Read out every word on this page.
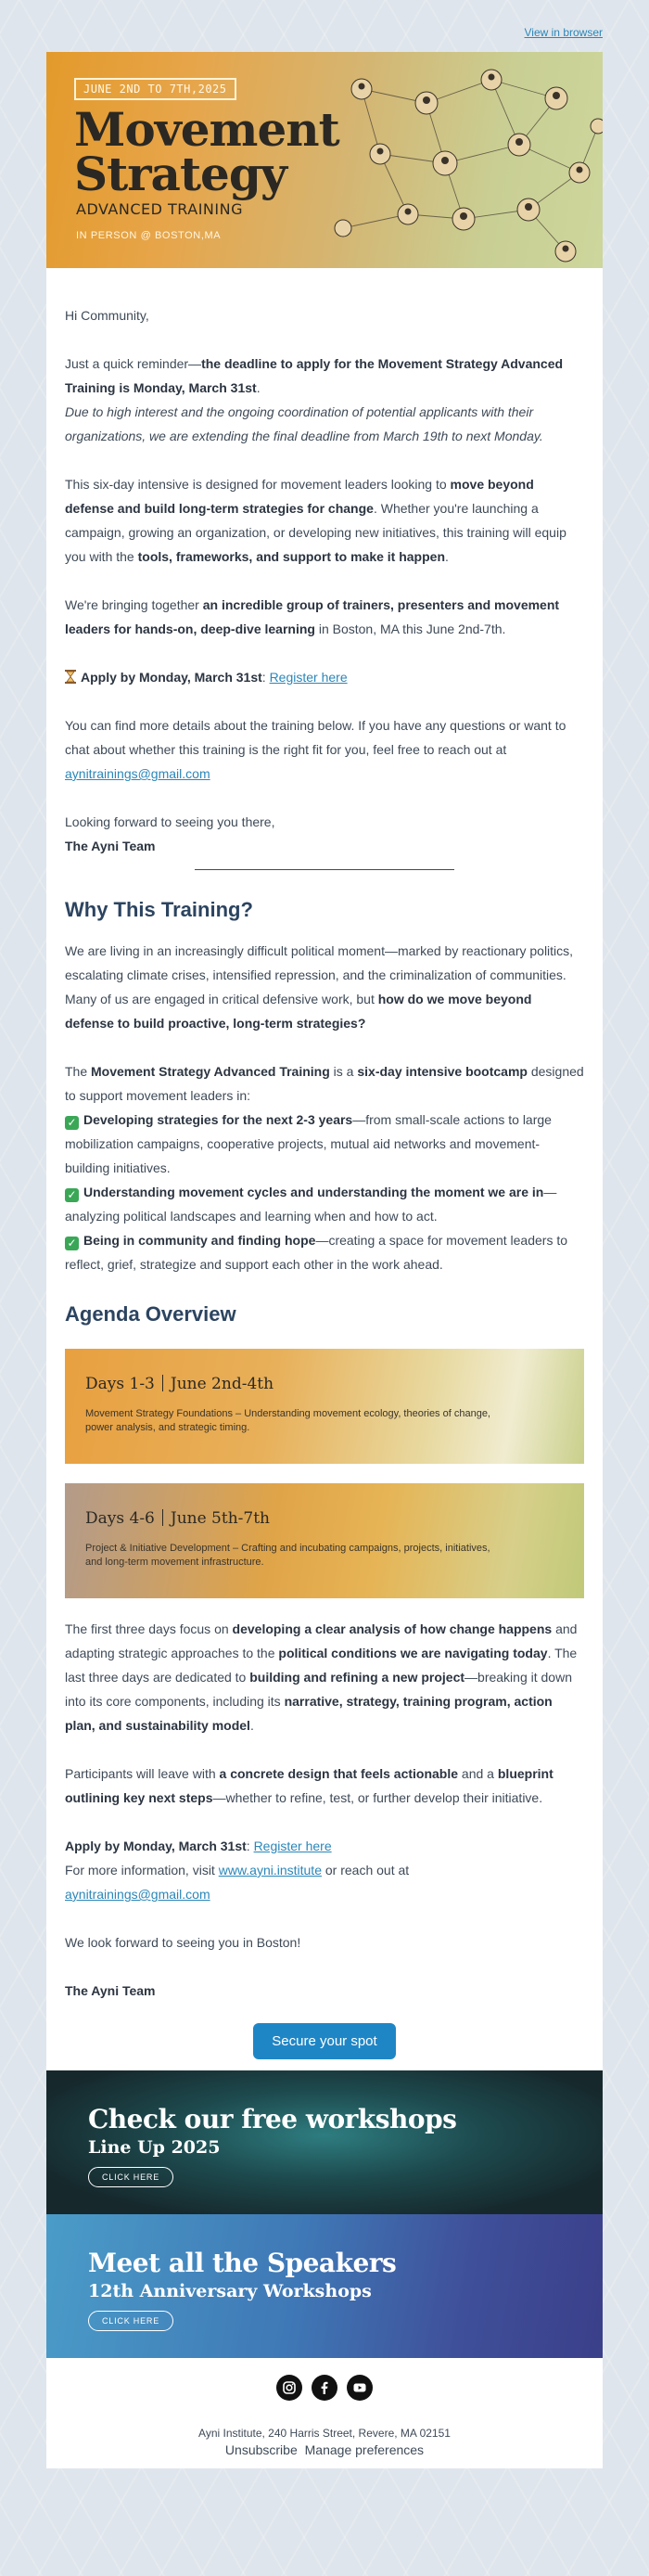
View in browser
JUNE 2ND TO 7TH,2025
Movement
Strategy
ADVANCED TRAINING
IN PERSON @ BOSTON,MA

Hi Community,

Just a quick reminder—the deadline to apply for the Movement Strategy Advanced Training is Monday, March 31st.

Due to high interest and the ongoing coordination of potential applicants with their organizations, we are extending the final deadline from March 19th to next Monday.

This six-day intensive is designed for movement leaders looking to move beyond defense and build long-term strategies for change. Whether you're launching a campaign, growing an organization, or developing new initiatives, this training will equip you with the tools, frameworks, and support to make it happen.

We're bringing together an incredible group of trainers, presenters and movement leaders for hands-on, deep-dive learning in Boston, MA this June 2nd-7th.

Apply by Monday, March 31st: Register here

You can find more details about the training below. If you have any questions or want to chat about whether this training is the right fit for you, feel free to reach out at aynitrainings@gmail.com

Looking forward to seeing you there,

The Ayni Team

Why This Training?

We are living in an increasingly difficult political moment—marked by reactionary politics, escalating climate crises, intensified repression, and the criminalization of communities. Many of us are engaged in critical defensive work, but how do we move beyond defense to build proactive, long-term strategies?

The Movement Strategy Advanced Training is a six-day intensive bootcamp designed to support movement leaders in:

✓ Developing strategies for the next 2-3 years—from small-scale actions to large mobilization campaigns, cooperative projects, mutual aid networks and movement-building initiatives.

✓ Understanding movement cycles and understanding the moment we are in—analyzing political landscapes and learning when and how to act.

✓ Being in community and finding hope—creating a space for movement leaders to reflect, grief, strategize and support each other in the work ahead.

Agenda Overview
Days 1-3 June 2nd-4th
Movement Strategy Foundations – Understanding movement ecology, theories of change, power analysis, and strategic timing.
Days 4-6 June 5th-7th
Project & Initiative Development – Crafting and incubating campaigns, projects, initiatives, and long-term movement infrastructure.

The first three days focus on developing a clear analysis of how change happens and adapting strategic approaches to the political conditions we are navigating today. The last three days are dedicated to building and refining a new project—breaking it down into its core components, including its narrative, strategy, training program, action plan, and sustainability model.

Participants will leave with a concrete design that feels actionable and a blueprint outlining key next steps—whether to refine, test, or further develop their initiative.

Apply by Monday, March 31st: Register here

For more information, visit www.ayni.institute or reach out at

aynitrainings@gmail.com

We look forward to seeing you in Boston!

The Ayni Team

Secure your spot
Check our free workshops
Line Up 2025
CLICK HERE
Meet all the Speakers
12th Anniversary Workshops
CLICK HERE
Ayni Institute, 240 Harris Street, Revere, MA 02151
Unsubscribe Manage preferences
